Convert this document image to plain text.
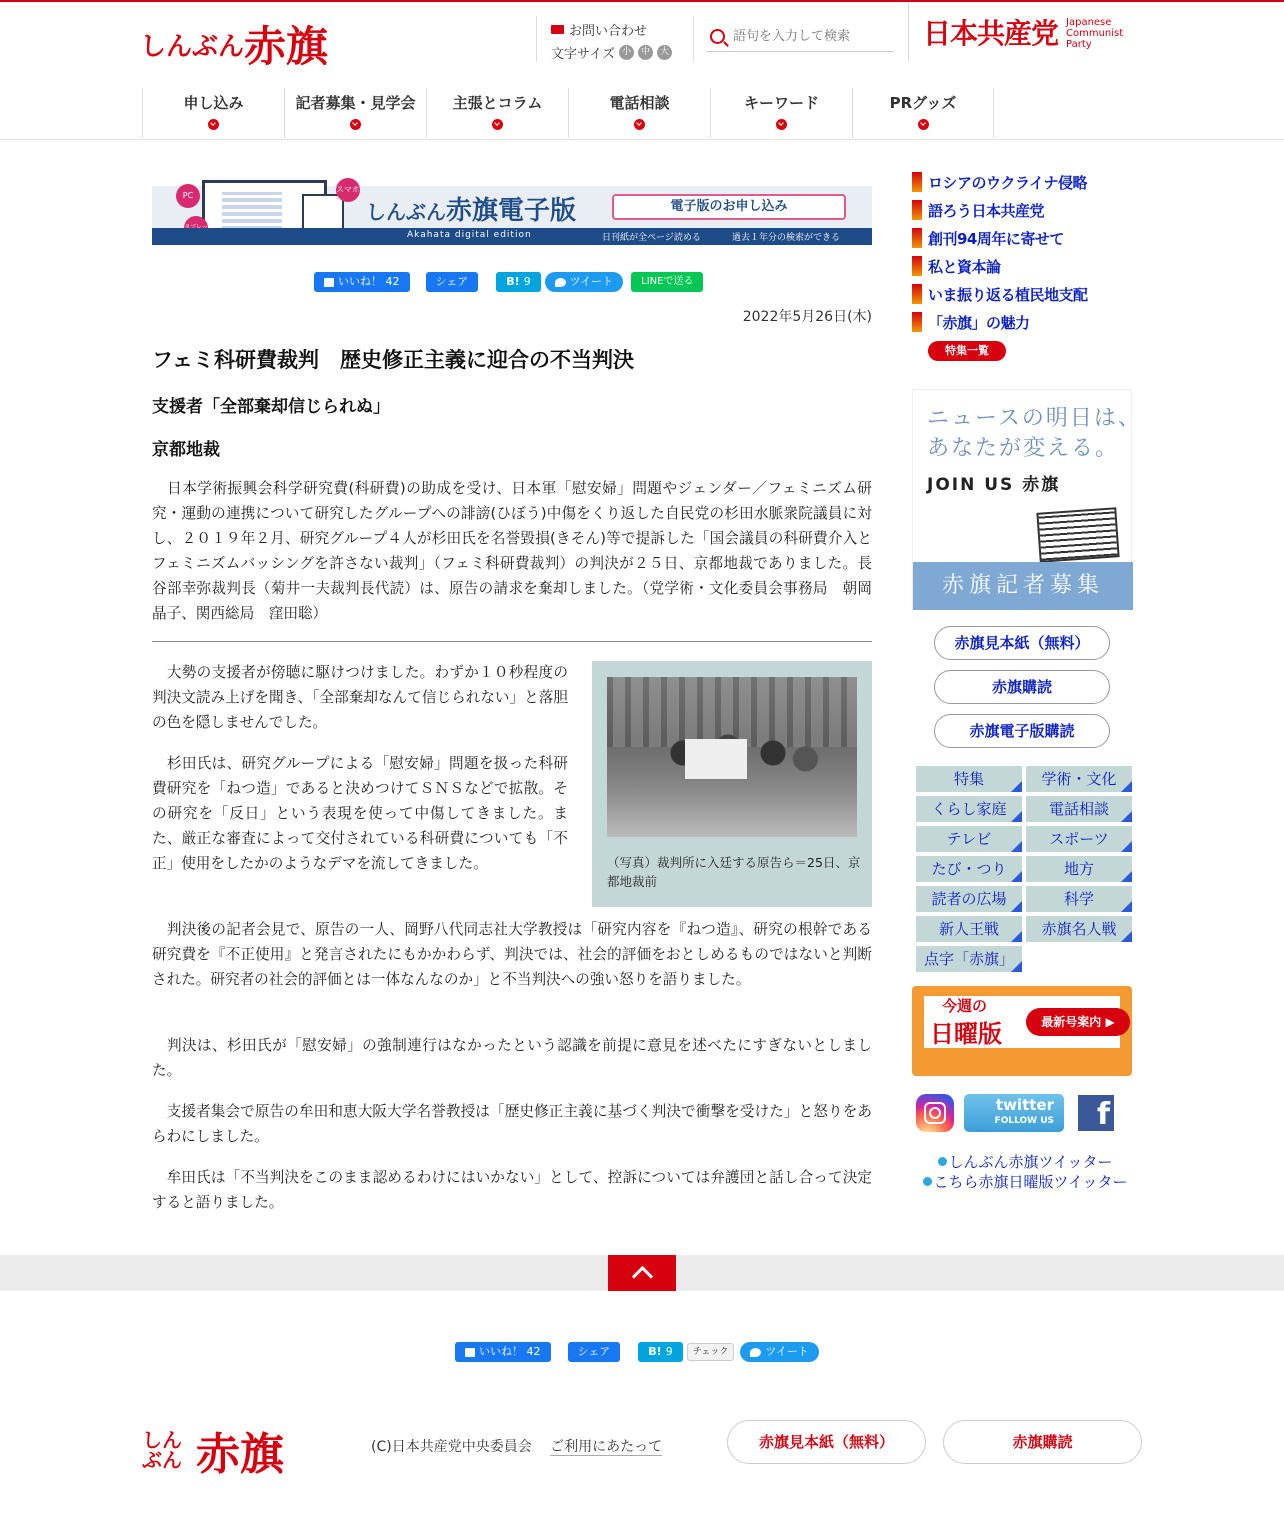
しんぶん赤旗	お問い合わせ
文字サイズ 小	中	大
語句を入力して検索
日本共産党 Japanese
Communist
Party
申し込み	記者募集・見学会	主張とコラム	電話相談	キーワード	PRグッズ
PC
スマホ
ト
しんぶん赤旗電子版	電子版のお申し込み
Akahata digital edition	日刊紙が全ページ読める	過去１年分の検索ができる
いいね！ 42	シェア	B! 9	ツイート	LINEで送る
2022年5月26日(木)
フェミ科研費裁判　歴史修正主義に迎合の不当判決
支援者「全部棄却信じられぬ」
京都地裁

　日本学術振興会科学研究費(科研費)の助成を受け、日本軍「慰安婦」問題やジェンダー／フェミニズム研究・運動の連携について研究したグループへの誹謗(ひぼう)中傷をくり返した自民党の杉田水脈衆院議員に対し、２０１９年２月、研究グループ４人が杉田氏を名誉毀損(きそん)等で提訴した「国会議員の科研費介入とフェミニズムバッシングを許さない裁判」（フェミ科研費裁判）の判決が２５日、京都地裁でありました。長谷部幸弥裁判長（菊井一夫裁判長代読）は、原告の請求を棄却しました。（党学術・文化委員会事務局　朝岡晶子、関西総局　窪田聡）

　大勢の支援者が傍聴に駆けつけました。わずか１０秒程度の判決文読み上げを聞き、「全部棄却なんて信じられない」と落胆の色を隠しませんでした。

　杉田氏は、研究グループによる「慰安婦」問題を扱った科研費研究を「ねつ造」であると決めつけてＳＮＳなどで拡散。その研究を「反日」という表現を使って中傷してきました。また、厳正な審査によって交付されている科研費についても「不正」使用をしたかのようなデマを流してきました。	（写真）裁判所に入廷する原告ら＝25日、京都地裁前

　判決後の記者会見で、原告の一人、岡野八代同志社大学教授は「研究内容を『ねつ造』、研究の根幹である研究費を『不正使用』と発言されたにもかかわらず、判決では、社会的評価をおとしめるものではないと判断された。研究者の社会的評価とは一体なんなのか」と不当判決への強い怒りを語りました。

　判決は、杉田氏が「慰安婦」の強制連行はなかったという認識を前提に意見を述べたにすぎないとしました。

　支援者集会で原告の牟田和恵大阪大学名誉教授は「歴史修正主義に基づく判決で衝撃を受けた」と怒りをあらわにしました。

　牟田氏は「不当判決をこのまま認めるわけにはいかない」として、控訴については弁護団と話し合って決定すると語りました。

ロシアのウクライナ侵略
語ろう日本共産党
創刊94周年に寄せて
私と資本論
いま振り返る植民地支配
「赤旗」の魅力
特集一覧
ニュースの明日は、
あなたが変える。
JOIN US 赤旗
赤旗記者募集
赤旗見本紙（無料）
赤旗購読
赤旗電子版購読
特集	学術・文化
くらし家庭	電話相談
テレビ	スポーツ
たび・つり	地方
読者の広場	科学
新人王戦	赤旗名人戦
点字「赤旗」
今週の
日曜版	最新号案内 ▶
twitter
FOLLOW US	f
しんぶん赤旗ツイッター
こちら赤旗日曜版ツイッター
いいね！ 42	シェア	B! 9	チェック	ツイート
しんぶん 赤旗	(C)日本共産党中央委員会 ご利用にあたって	赤旗見本紙（無料）	赤旗購読
